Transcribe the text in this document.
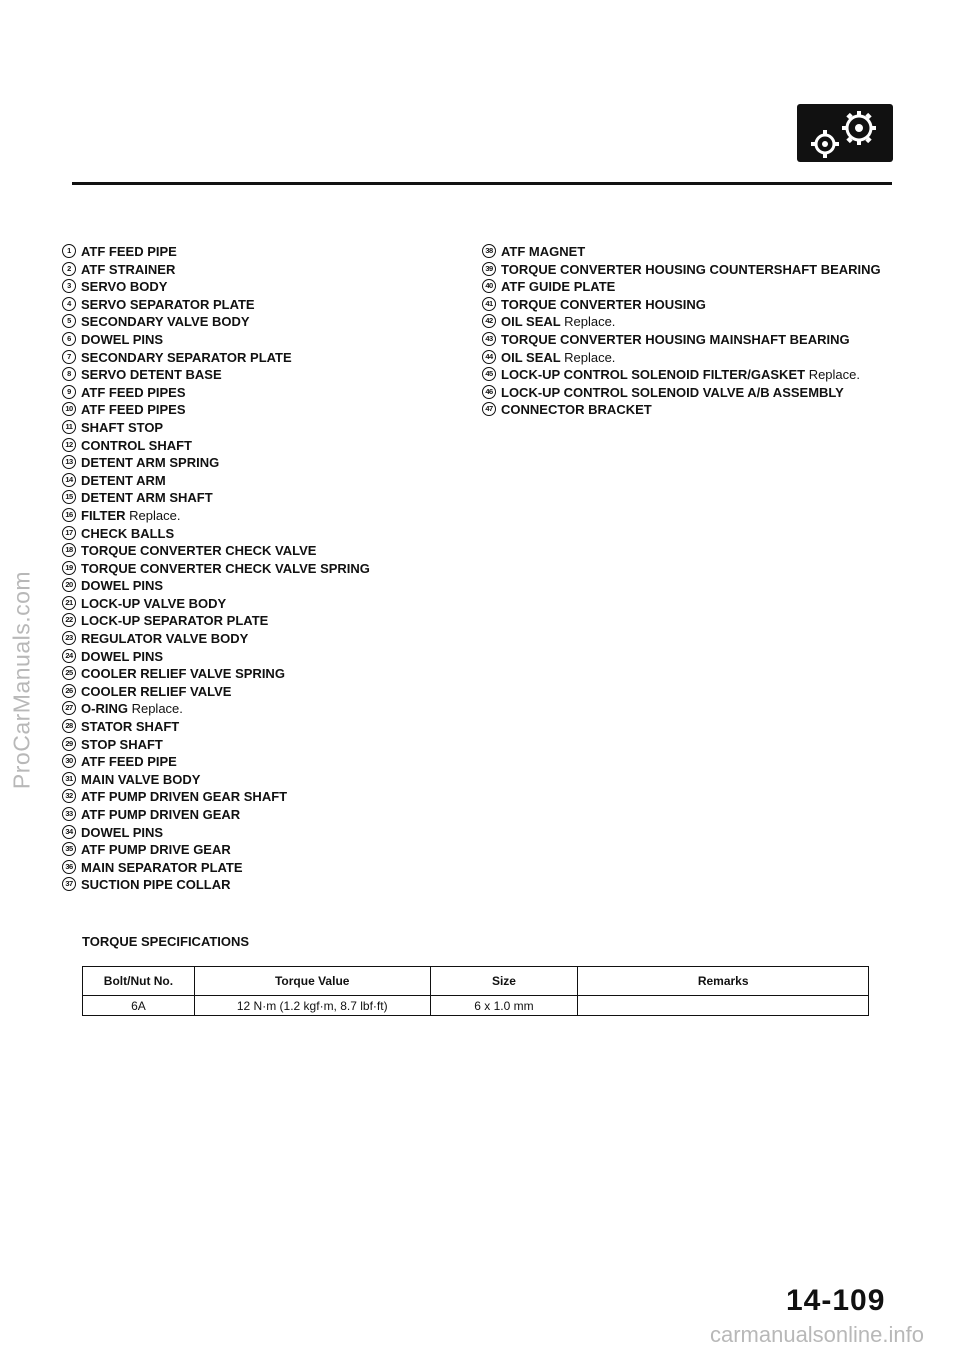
ProCarManuals.com
carmanualsonline.info
1 ATF FEED PIPE
2 ATF STRAINER
3 SERVO BODY
4 SERVO SEPARATOR PLATE
5 SECONDARY VALVE BODY
6 DOWEL PINS
7 SECONDARY SEPARATOR PLATE
8 SERVO DETENT BASE
9 ATF FEED PIPES
10 ATF FEED PIPES
11 SHAFT STOP
12 CONTROL SHAFT
13 DETENT ARM SPRING
14 DETENT ARM
15 DETENT ARM SHAFT
16 FILTER Replace.
17 CHECK BALLS
18 TORQUE CONVERTER CHECK VALVE
19 TORQUE CONVERTER CHECK VALVE SPRING
20 DOWEL PINS
21 LOCK-UP VALVE BODY
22 LOCK-UP SEPARATOR PLATE
23 REGULATOR VALVE BODY
24 DOWEL PINS
25 COOLER RELIEF VALVE SPRING
26 COOLER RELIEF VALVE
27 O-RING Replace.
28 STATOR SHAFT
29 STOP SHAFT
30 ATF FEED PIPE
31 MAIN VALVE BODY
32 ATF PUMP DRIVEN GEAR SHAFT
33 ATF PUMP DRIVEN GEAR
34 DOWEL PINS
35 ATF PUMP DRIVE GEAR
36 MAIN SEPARATOR PLATE
37 SUCTION PIPE COLLAR
38 ATF MAGNET
39 TORQUE CONVERTER HOUSING COUNTERSHAFT BEARING
40 ATF GUIDE PLATE
41 TORQUE CONVERTER HOUSING
42 OIL SEAL Replace.
43 TORQUE CONVERTER HOUSING MAINSHAFT BEARING
44 OIL SEAL Replace.
45 LOCK-UP CONTROL SOLENOID FILTER/GASKET Replace.
46 LOCK-UP CONTROL SOLENOID VALVE A/B ASSEMBLY
47 CONNECTOR BRACKET
TORQUE SPECIFICATIONS
Bolt/Nut No.	Torque Value	Size	Remarks
6A	12 N·m (1.2 kgf·m, 8.7 lbf·ft)	6 x 1.0 mm	
14-109
